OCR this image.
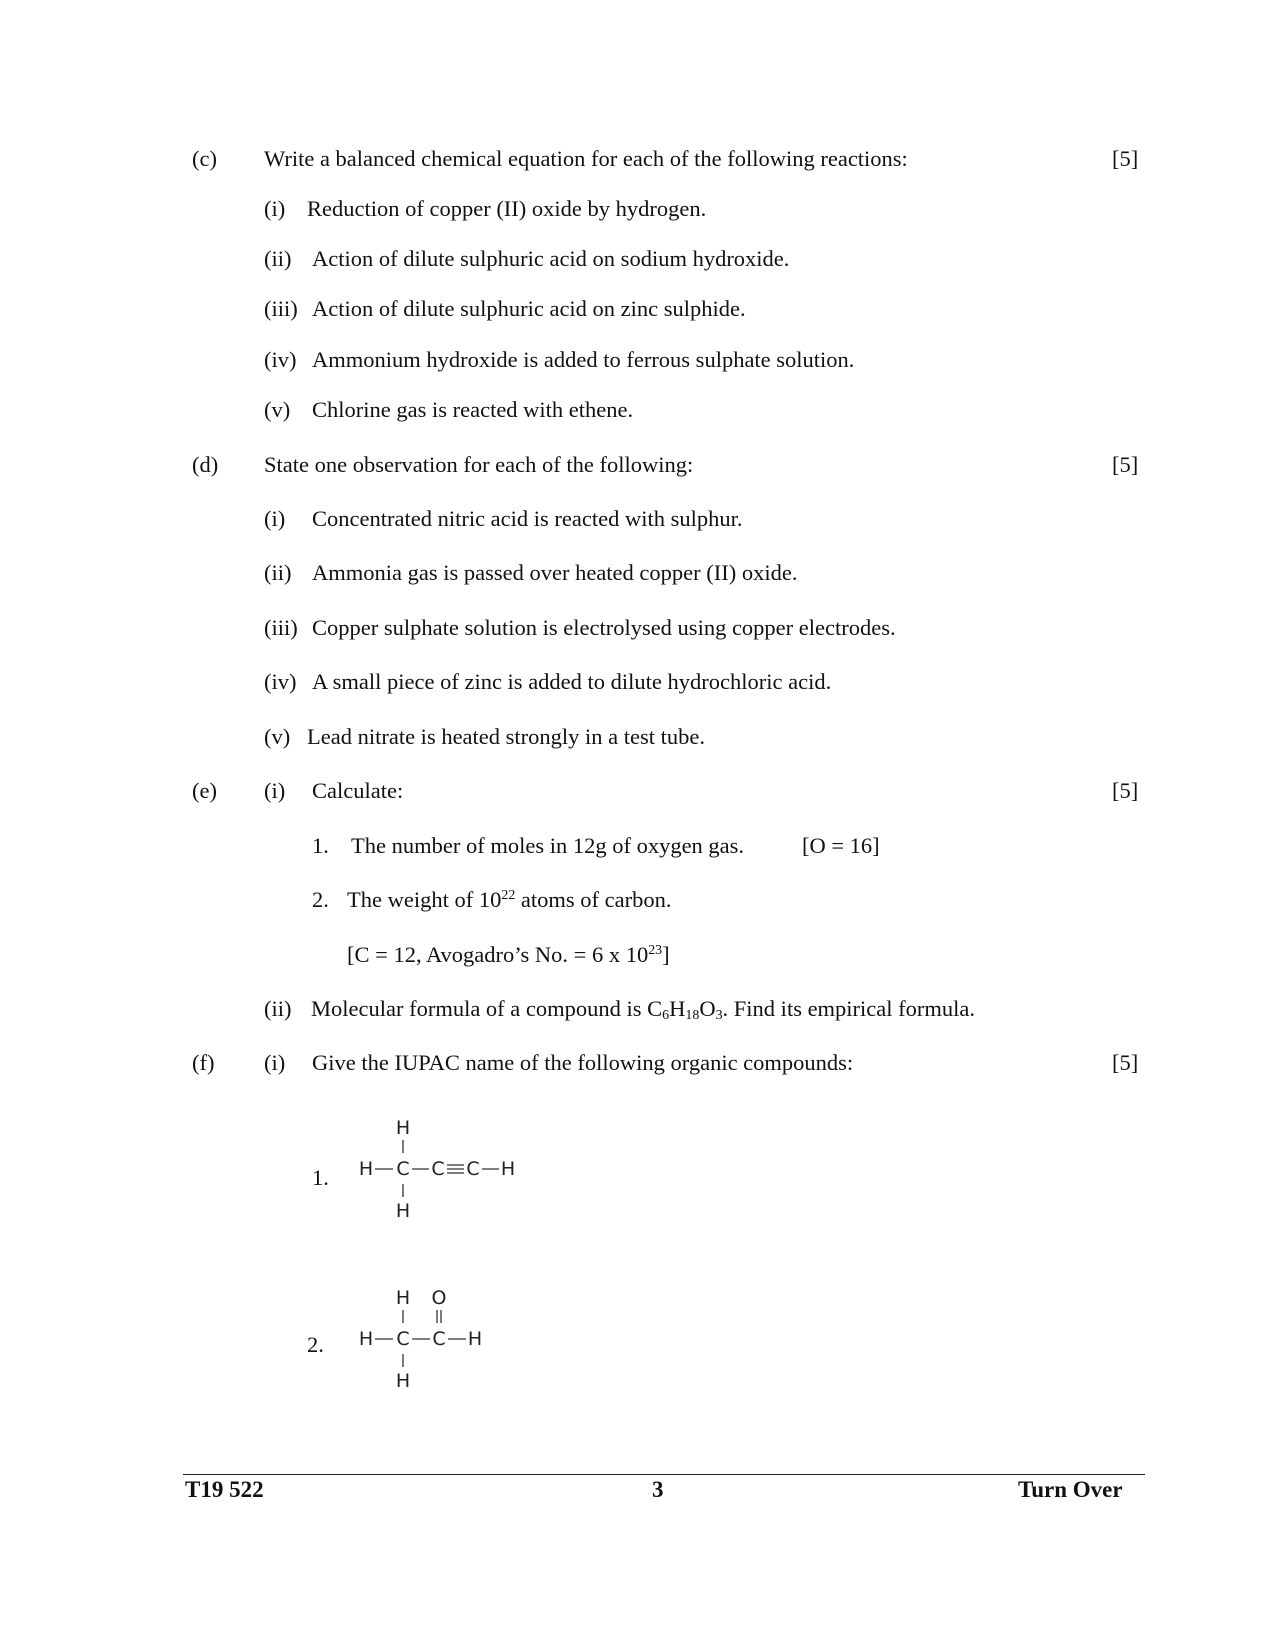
(c) Write a balanced chemical equation for each of the following reactions:	[5]
(i) Reduction of copper (II) oxide by hydrogen.
(ii) Action of dilute sulphuric acid on sodium hydroxide.
(iii) Action of dilute sulphuric acid on zinc sulphide.
(iv) Ammonium hydroxide is added to ferrous sulphate solution.
(v) Chlorine gas is reacted with ethene.
(d) State one observation for each of the following:	[5]
(i) Concentrated nitric acid is reacted with sulphur.
(ii) Ammonia gas is passed over heated copper (II) oxide.
(iii) Copper sulphate solution is electrolysed using copper electrodes.
(iv) A small piece of zinc is added to dilute hydrochloric acid.
(v) Lead nitrate is heated strongly in a test tube.
(e) (i) Calculate:	[5]
1. The number of moles in 12g of oxygen gas.	[O = 16]
2. The weight of $10^{22}$ atoms of carbon.
[C = 12, Avogadro’s No. = 6 x $10^{23}$]
(ii) Molecular formula of a compound is $C_6H_{18}O_3$. Find its empirical formula.
(f) (i) Give the IUPAC name of the following organic compounds:	[5]
1.
H
H C C C H
H
2.
H O
H C C H
H
T19 522	3	Turn Over
